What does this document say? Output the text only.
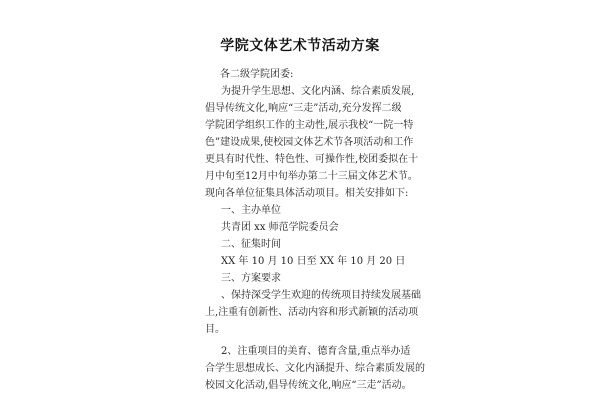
学院文体艺术节活动方案
各二级学院团委:
为提升学生思想、文化内涵、综合素质发展,
倡导传统文化,响应“三走”活动,充分发挥二级
学院团学组织工作的主动性,展示我校“一院一特
色”建设成果,使校园文体艺术节各项活动和工作
更具有时代性、特色性、可操作性,校团委拟在十
月中旬至12月中旬举办第二十三届文体艺术节。
现向各单位征集具体活动项目。相关安排如下:
一、主办单位
共青团 xx 师范学院委员会
二、征集时间
XX 年 10 月 10 日至 XX 年 10 月 20 日
三、方案要求
、保持深受学生欢迎的传统项目持续发展基础
上,注重有创新性、活动内容和形式新颖的活动项
目。
2、注重项目的美育、德育含量,重点举办适
合学生思想成长、文化内涵提升、综合素质发展的
校园文化活动,倡导传统文化,响应“三走”活动。
